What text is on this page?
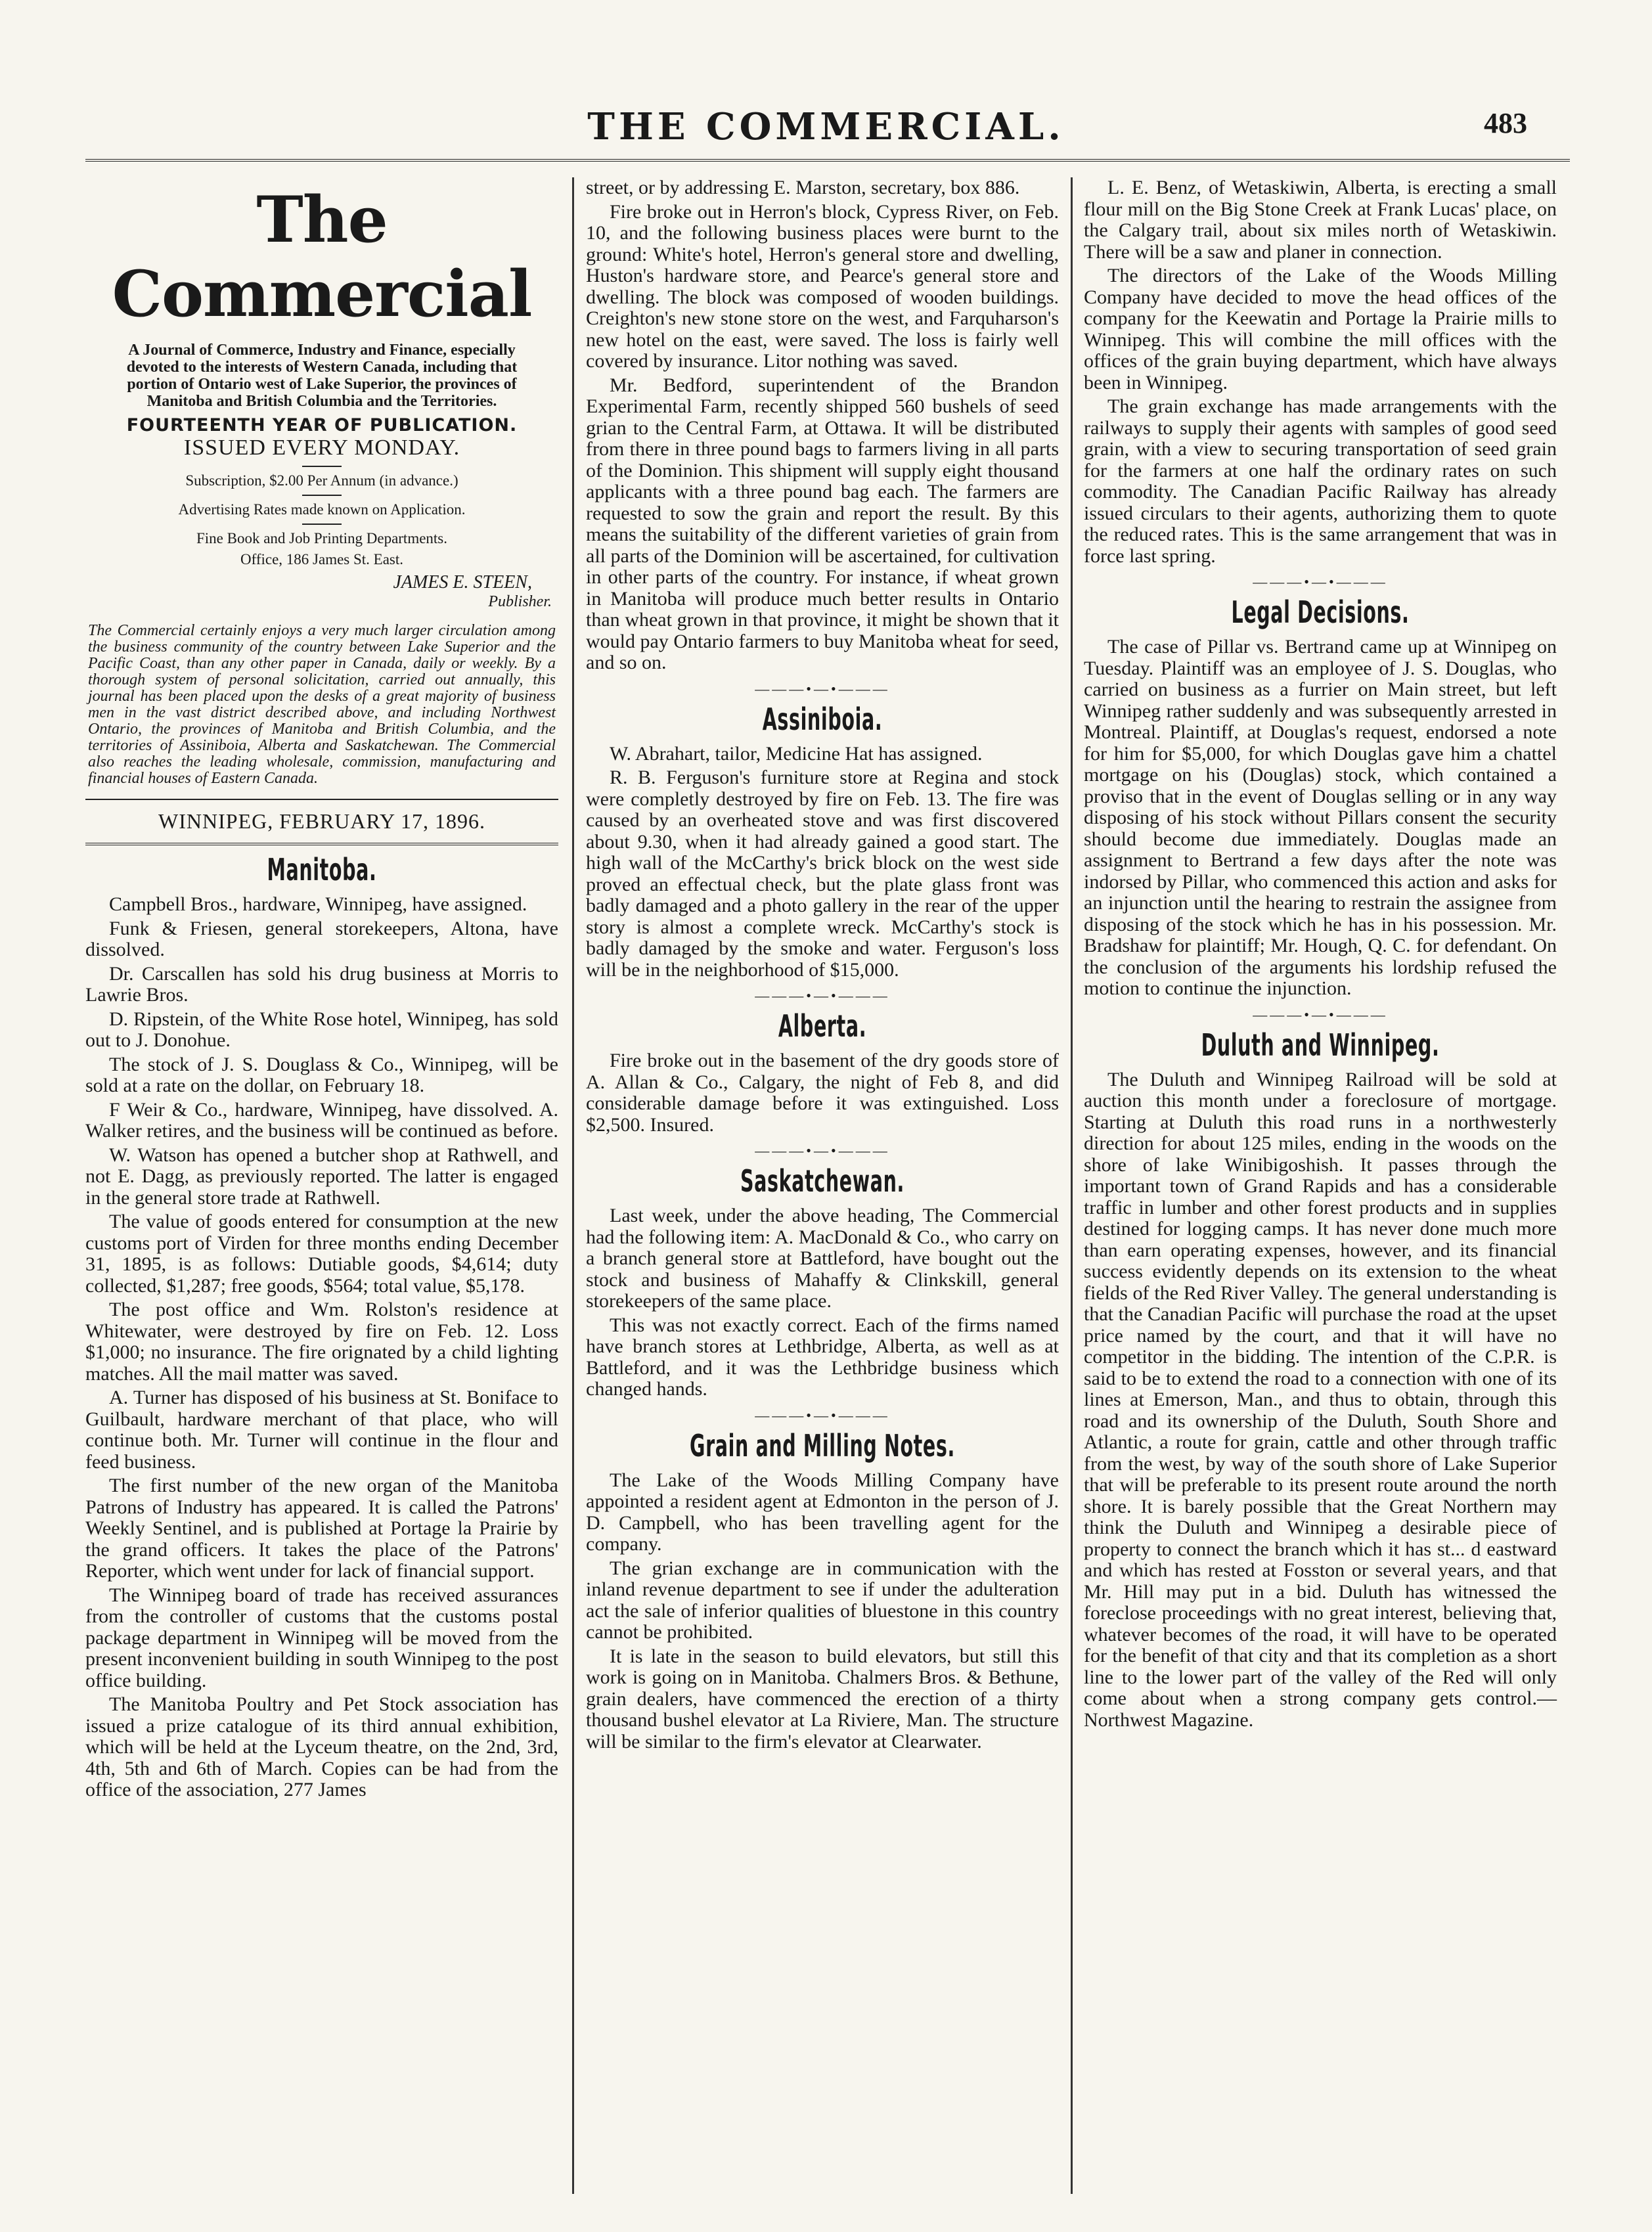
THE COMMERCIAL.	483
The Commercial
A Journal of Commerce, Industry and Finance, especially devoted to the interests of Western Canada, including that portion of Ontario west of Lake Superior, the provinces of Manitoba and British Columbia and the Territories.
FOURTEENTH YEAR OF PUBLICATION.
ISSUED EVERY MONDAY.
Subscription, $2.00 Per Annum (in advance.)
Advertising Rates made known on Application.
Fine Book and Job Printing Departments.
Office, 186 James St. East.
JAMES E. STEEN,
Publisher.
The Commercial certainly enjoys a very much larger circulation among the business community of the country between Lake Superior and the Pacific Coast, than any other paper in Canada, daily or weekly. By a thorough system of personal solicitation, carried out annually, this journal has been placed upon the desks of a great majority of business men in the vast district described above, and including Northwest Ontario, the provinces of Manitoba and British Columbia, and the territories of Assiniboia, Alberta and Saskatchewan. The Commercial also reaches the leading wholesale, commission, manufacturing and financial houses of Eastern Canada.
WINNIPEG, FEBRUARY 17, 1896.
Manitoba.

Campbell Bros., hardware, Winnipeg, have assigned.

Funk & Friesen, general storekeepers, Altona, have dissolved.

Dr. Carscallen has sold his drug business at Morris to Lawrie Bros.

D. Ripstein, of the White Rose hotel, Winnipeg, has sold out to J. Donohue.

The stock of J. S. Douglass & Co., Winnipeg, will be sold at a rate on the dollar, on February 18.

F Weir & Co., hardware, Winnipeg, have dissolved. A. Walker retires, and the business will be continued as before.

W. Watson has opened a butcher shop at Rathwell, and not E. Dagg, as previously reported. The latter is engaged in the general store trade at Rathwell.

The value of goods entered for consumption at the new customs port of Virden for three months ending December 31, 1895, is as follows: Dutiable goods, $4,614; duty collected, $1,287; free goods, $564; total value, $5,178.

The post office and Wm. Rolston's residence at Whitewater, were destroyed by fire on Feb. 12. Loss $1,000; no insurance. The fire orignated by a child lighting matches. All the mail matter was saved.

A. Turner has disposed of his business at St. Boniface to Guilbault, hardware merchant of that place, who will continue both. Mr. Turner will continue in the flour and feed business.

The first number of the new organ of the Manitoba Patrons of Industry has appeared. It is called the Patrons' Weekly Sentinel, and is published at Portage la Prairie by the grand officers. It takes the place of the Patrons' Reporter, which went under for lack of financial support.

The Winnipeg board of trade has received assurances from the controller of customs that the customs postal package department in Winnipeg will be moved from the present inconvenient building in south Winnipeg to the post office building.

The Manitoba Poultry and Pet Stock association has issued a prize catalogue of its third annual exhibition, which will be held at the Lyceum theatre, on the 2nd, 3rd, 4th, 5th and 6th of March. Copies can be had from the office of the association, 277 James

street, or by addressing E. Marston, secretary, box 886.

Fire broke out in Herron's block, Cypress River, on Feb. 10, and the following business places were burnt to the ground: White's hotel, Herron's general store and dwelling, Huston's hardware store, and Pearce's general store and dwelling. The block was composed of wooden buildings. Creighton's new stone store on the west, and Farquharson's new hotel on the east, were saved. The loss is fairly well covered by insurance. Litor nothing was saved.

Mr. Bedford, superintendent of the Brandon Experimental Farm, recently shipped 560 bushels of seed grian to the Central Farm, at Ottawa. It will be distributed from there in three pound bags to farmers living in all parts of the Dominion. This shipment will supply eight thousand applicants with a three pound bag each. The farmers are requested to sow the grain and report the result. By this means the suitability of the different varieties of grain from all parts of the Dominion will be ascertained, for cultivation in other parts of the country. For instance, if wheat grown in Manitoba will produce much better results in Ontario than wheat grown in that province, it might be shown that it would pay Ontario farmers to buy Manitoba wheat for seed, and so on.

———•—
Assiniboia.

W. Abrahart, tailor, Medicine Hat has assigned.

R. B. Ferguson's furniture store at Regina and stock were completly destroyed by fire on Feb. 13. The fire was caused by an overheated stove and was first discovered about 9.30, when it had already gained a good start. The high wall of the McCarthy's brick block on the west side proved an effectual check, but the plate glass front was badly damaged and a photo gallery in the rear of the upper story is almost a complete wreck. McCarthy's stock is badly damaged by the smoke and water. Ferguson's loss will be in the neighborhood of $15,000.

———•—
Alberta.

Fire broke out in the basement of the dry goods store of A. Allan & Co., Calgary, the night of Feb 8, and did considerable damage before it was extinguished. Loss $2,500. Insured.

———•—
Saskatchewan.

Last week, under the above heading, The Commercial had the following item: A. MacDonald & Co., who carry on a branch general store at Battleford, have bought out the stock and business of Mahaffy & Clinkskill, general storekeepers of the same place.

This was not exactly correct. Each of the firms named have branch stores at Lethbridge, Alberta, as well as at Battleford, and it was the Lethbridge business which changed hands.

———•—
Grain and Milling Notes.

The Lake of the Woods Milling Company have appointed a resident agent at Edmonton in the person of J. D. Campbell, who has been travelling agent for the company.

The grian exchange are in communication with the inland revenue department to see if under the adulteration act the sale of inferior qualities of bluestone in this country cannot be prohibited.

It is late in the season to build elevators, but still this work is going on in Manitoba. Chalmers Bros. & Bethune, grain dealers, have commenced the erection of a thirty thousand bushel elevator at La Riviere, Man. The structure will be similar to the firm's elevator at Clearwater.

L. E. Benz, of Wetaskiwin, Alberta, is erecting a small flour mill on the Big Stone Creek at Frank Lucas' place, on the Calgary trail, about six miles north of Wetaskiwin. There will be a saw and planer in connection.

The directors of the Lake of the Woods Milling Company have decided to move the head offices of the company for the Keewatin and Portage la Prairie mills to Winnipeg. This will combine the mill offices with the offices of the grain buying department, which have always been in Winnipeg.

The grain exchange has made arrangements with the railways to supply their agents with samples of good seed grain, with a view to securing transportation of seed grain for the farmers at one half the ordinary rates on such commodity. The Canadian Pacific Railway has already issued circulars to their agents, authorizing them to quote the reduced rates. This is the same arrangement that was in force last spring.

———•—
Legal Decisions.

The case of Pillar vs. Bertrand came up at Winnipeg on Tuesday. Plaintiff was an employee of J. S. Douglas, who carried on business as a furrier on Main street, but left Winnipeg rather suddenly and was subsequently arrested in Montreal. Plaintiff, at Douglas's request, endorsed a note for him for $5,000, for which Douglas gave him a chattel mortgage on his (Douglas) stock, which contained a proviso that in the event of Douglas selling or in any way disposing of his stock without Pillars consent the security should become due immediately. Douglas made an assignment to Bertrand a few days after the note was indorsed by Pillar, who commenced this action and asks for an injunction until the hearing to restrain the assignee from disposing of the stock which he has in his possession. Mr. Bradshaw for plaintiff; Mr. Hough, Q. C. for defendant. On the conclusion of the arguments his lordship refused the motion to continue the injunction.

———•—
Duluth and Winnipeg.

The Duluth and Winnipeg Railroad will be sold at auction this month under a foreclosure of mortgage. Starting at Duluth this road runs in a northwesterly direction for about 125 miles, ending in the woods on the shore of lake Winibigoshish. It passes through the important town of Grand Rapids and has a considerable traffic in lumber and other forest products and in supplies destined for logging camps. It has never done much more than earn operating expenses, however, and its financial success evidently depends on its extension to the wheat fields of the Red River Valley. The general understanding is that the Canadian Pacific will purchase the road at the upset price named by the court, and that it will have no competitor in the bidding. The intention of the C.P.R. is said to be to extend the road to a connection with one of its lines at Emerson, Man., and thus to obtain, through this road and its ownership of the Duluth, South Shore and Atlantic, a route for grain, cattle and other through traffic from the west, by way of the south shore of Lake Superior that will be preferable to its present route around the north shore. It is barely possible that the Great Northern may think the Duluth and Winnipeg a desirable piece of property to connect the branch which it has st... d eastward and which has rested at Fosston or several years, and that Mr. Hill may put in a bid. Duluth has witnessed the foreclose proceedings with no great interest, believing that, whatever becomes of the road, it will have to be operated for the benefit of that city and that its completion as a short line to the lower part of the valley of the Red will only come about when a strong company gets control.—Northwest Magazine.
